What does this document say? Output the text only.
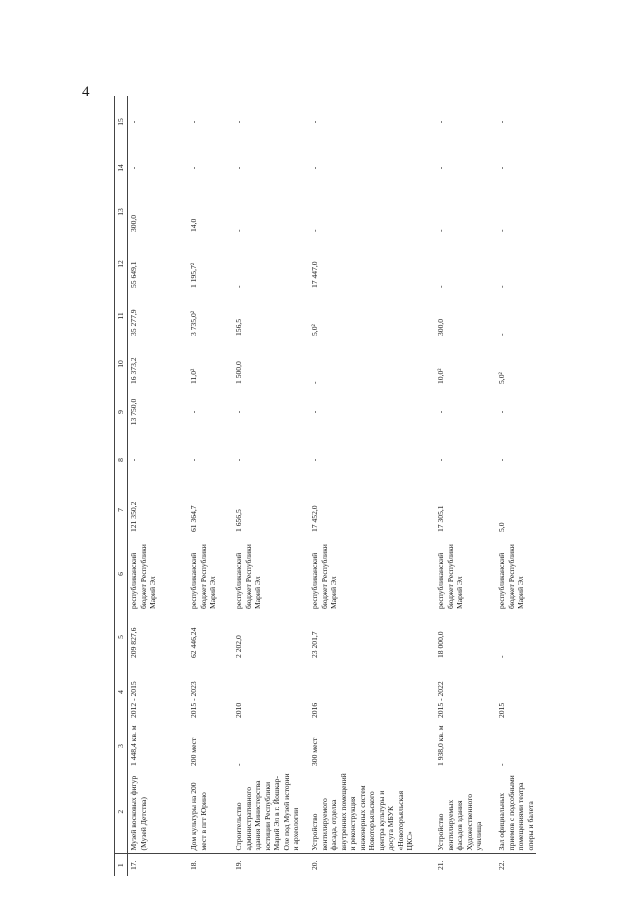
4
1	2	3	4	5	6	7	8	9	10	11	12	13	14	15
17.	Музей восковых фигур (Музей Детства)	1 448,4 кв. м	2012 - 2015	209 827,6	республиканский бюджет Республики Марий Эл	121 350,2	-	13 750,0	16 373,2	35 277,9	55 649,1	300,0	-	-
18.	Дом культуры на 200 мест в пгт Юрино	200 мест	2015 - 2023	62 446,24	республиканский бюджет Республики Марий Эл	61 364,7	-	-	11,0²	3 735,0²	1 195,7²	14,0	-	-
19.	Строительство административного здания Министерства юстиции Республики Марий Эл в г. Йошкар-Оле под Музей истории и археологии	-	2010	2 202,0	республиканский бюджет Республики Марий Эл	1 656,5	-	-	1 500,0	156,5	-	-	-	-
20.	Устройство вентилируемого фасада, отделка внутренних помещений и реконструкция инженерных систем Новоторъяльского центра культуры и досуга МБУК «Новоторъяльская ЦКС»	300 мест	2016	23 201,7	республиканский бюджет Республики Марий Эл	17 452,0	-	-	-	5,0²	17 447,0	-	-	-
21.	Устройство вентилируемых фасадов здания Художественного училища	1 938,0 кв. м	2015 - 2022	18 000,0	республиканский бюджет Республики Марий Эл	17 305,1	-	-	10,0²	300,0	-	-	-	-
22.	Зал официальных приемов с подсобными помещениями театра оперы и балета	-	2015	-	республиканский бюджет Республики Марий Эл	5,0	-	-	5,0²	-	-	-	-	-
